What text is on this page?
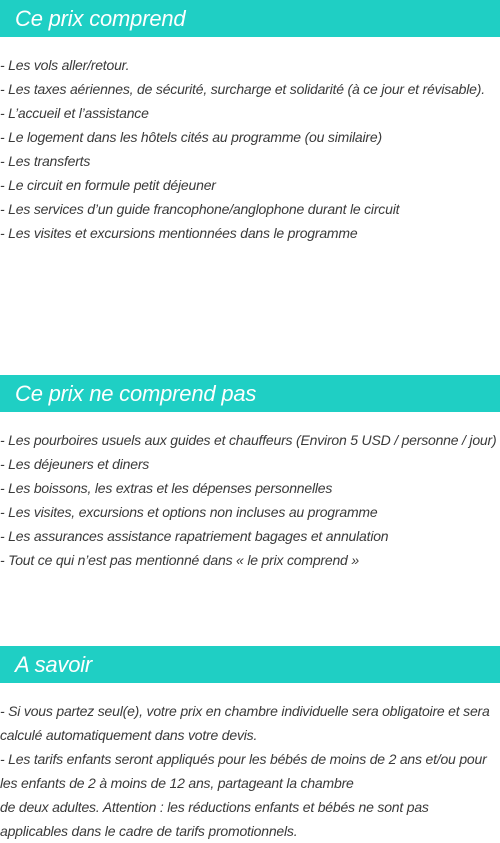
Ce prix comprend
- Les vols aller/retour.
- Les taxes aériennes, de sécurité, surcharge et solidarité (à ce jour et révisable).
- L’accueil et l’assistance
- Le logement dans les hôtels cités au programme (ou similaire)
- Les transferts
- Le circuit en formule petit déjeuner
- Les services d’un guide francophone/anglophone durant le circuit
- Les visites et excursions mentionnées dans le programme
Ce prix ne comprend pas
- Les pourboires usuels aux guides et chauffeurs (Environ 5 USD / personne / jour)
- Les déjeuners et diners
- Les boissons, les extras et les dépenses personnelles
- Les visites, excursions et options non incluses au programme
- Les assurances assistance rapatriement bagages et annulation
- Tout ce qui n’est pas mentionné dans « le prix comprend »
A savoir
- Si vous partez seul(e), votre prix en chambre individuelle sera obligatoire et sera calculé automatiquement dans votre devis.
- Les tarifs enfants seront appliqués pour les bébés de moins de 2 ans et/ou pour les enfants de 2 à moins de 12 ans, partageant la chambre
de deux adultes. Attention : les réductions enfants et bébés ne sont pas applicables dans le cadre de tarifs promotionnels.
